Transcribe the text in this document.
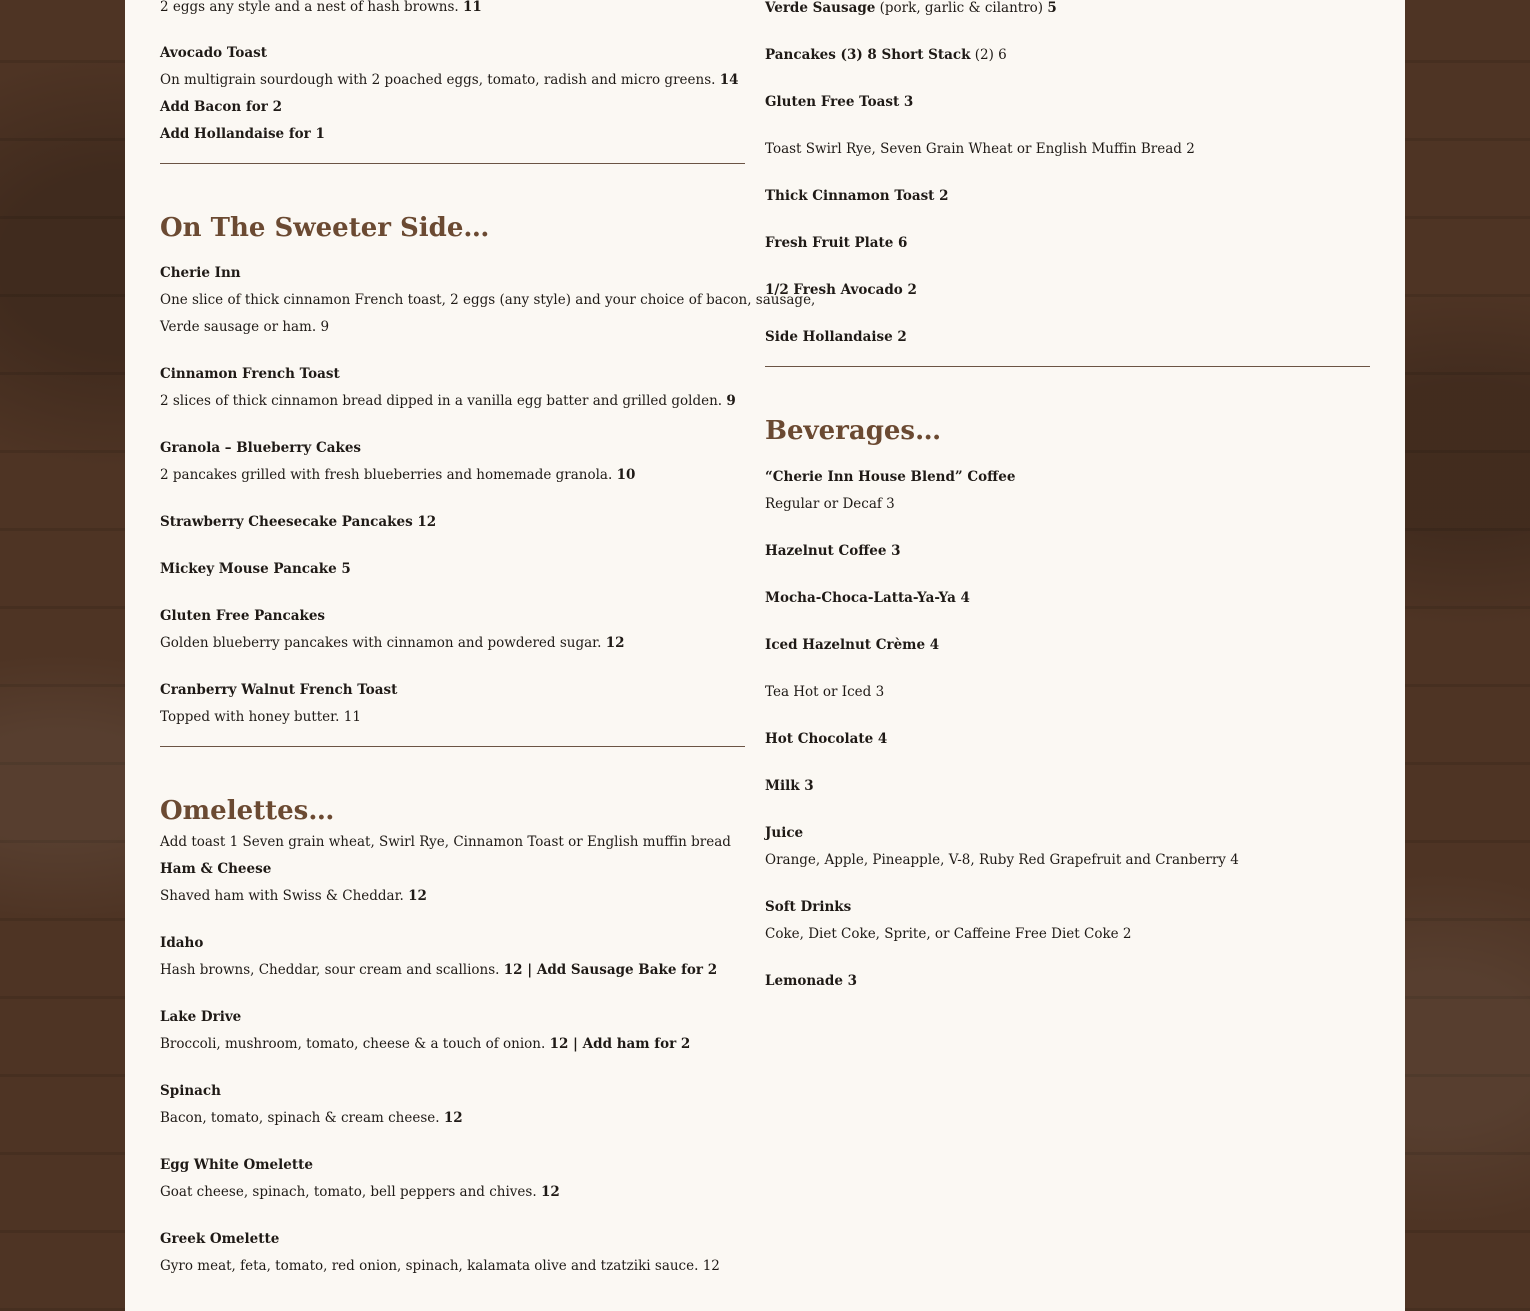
2 eggs any style and a nest of hash browns. 11
Avocado Toast
On multigrain sourdough with 2 poached eggs, tomato, radish and micro greens. 14
Add Bacon for 2
Add Hollandaise for 1
On The Sweeter Side…
Cherie Inn
One slice of thick cinnamon French toast, 2 eggs (any style) and your choice of bacon, sausage,
Verde sausage or ham. 9
Cinnamon French Toast
2 slices of thick cinnamon bread dipped in a vanilla egg batter and grilled golden. 9
Granola – Blueberry Cakes
2 pancakes grilled with fresh blueberries and homemade granola. 10
Strawberry Cheesecake Pancakes 12
Mickey Mouse Pancake 5
Gluten Free Pancakes
Golden blueberry pancakes with cinnamon and powdered sugar. 12
Cranberry Walnut French Toast
Topped with honey butter. 11
Omelettes…
Add toast 1 Seven grain wheat, Swirl Rye, Cinnamon Toast or English muffin bread
Ham & Cheese
Shaved ham with Swiss & Cheddar. 12
Idaho
Hash browns, Cheddar, sour cream and scallions. 12 | Add Sausage Bake for 2
Lake Drive
Broccoli, mushroom, tomato, cheese & a touch of onion. 12 | Add ham for 2
Spinach
Bacon, tomato, spinach & cream cheese. 12
Egg White Omelette
Goat cheese, spinach, tomato, bell peppers and chives. 12
Greek Omelette
Gyro meat, feta, tomato, red onion, spinach, kalamata olive and tzatziki sauce. 12
Verde Sausage (pork, garlic & cilantro) 5
Pancakes (3) 8 Short Stack (2) 6
Gluten Free Toast 3
Toast Swirl Rye, Seven Grain Wheat or English Muffin Bread 2
Thick Cinnamon Toast 2
Fresh Fruit Plate 6
1/2 Fresh Avocado 2
Side Hollandaise 2
Beverages…
“Cherie Inn House Blend” Coffee
Regular or Decaf 3
Hazelnut Coffee 3
Mocha-Choca-Latta-Ya-Ya 4
Iced Hazelnut Crème 4
Tea Hot or Iced 3
Hot Chocolate 4
Milk 3
Juice
Orange, Apple, Pineapple, V-8, Ruby Red Grapefruit and Cranberry 4
Soft Drinks
Coke, Diet Coke, Sprite, or Caffeine Free Diet Coke 2
Lemonade 3
